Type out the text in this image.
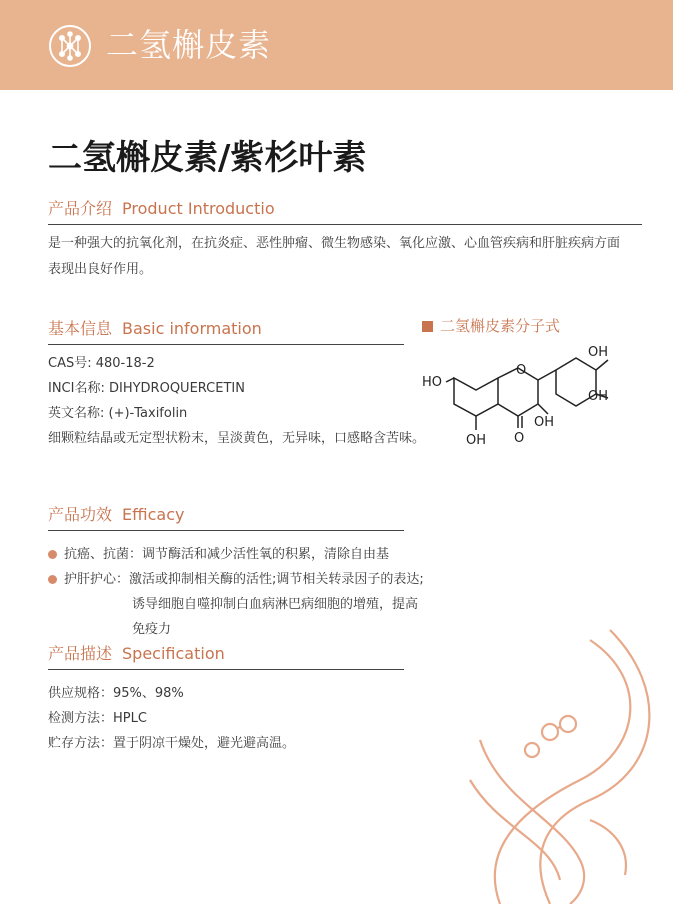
二氢槲皮素
二氢槲皮素/紫杉叶素
产品介绍 Product Introductio
是一种强大的抗氧化剂，在抗炎症、恶性肿瘤、微生物感染、氧化应激、心血管疾病和肝脏疾病方面
表现出良好作用。
基本信息 Basic information
CAS号: 480-18-2
INCI名称: DIHYDROQUERCETIN
英文名称: (+)-Taxifolin
细颗粒结晶或无定型状粉末，呈淡黄色，无异味，口感略含苦味。
二氢槲皮素分子式
O
O
OH
OH
HO
OH
OH
产品功效 Efficacy
抗癌、抗菌：调节酶活和减少活性氧的积累，清除自由基
护肝护心：激活或抑制相关酶的活性;调节相关转录因子的表达;
诱导细胞自噬抑制白血病淋巴病细胞的增殖，提高
免疫力
产品描述 Specification
供应规格：95%、98%
检测方法：HPLC
贮存方法：置于阴凉干燥处，避光避高温。
